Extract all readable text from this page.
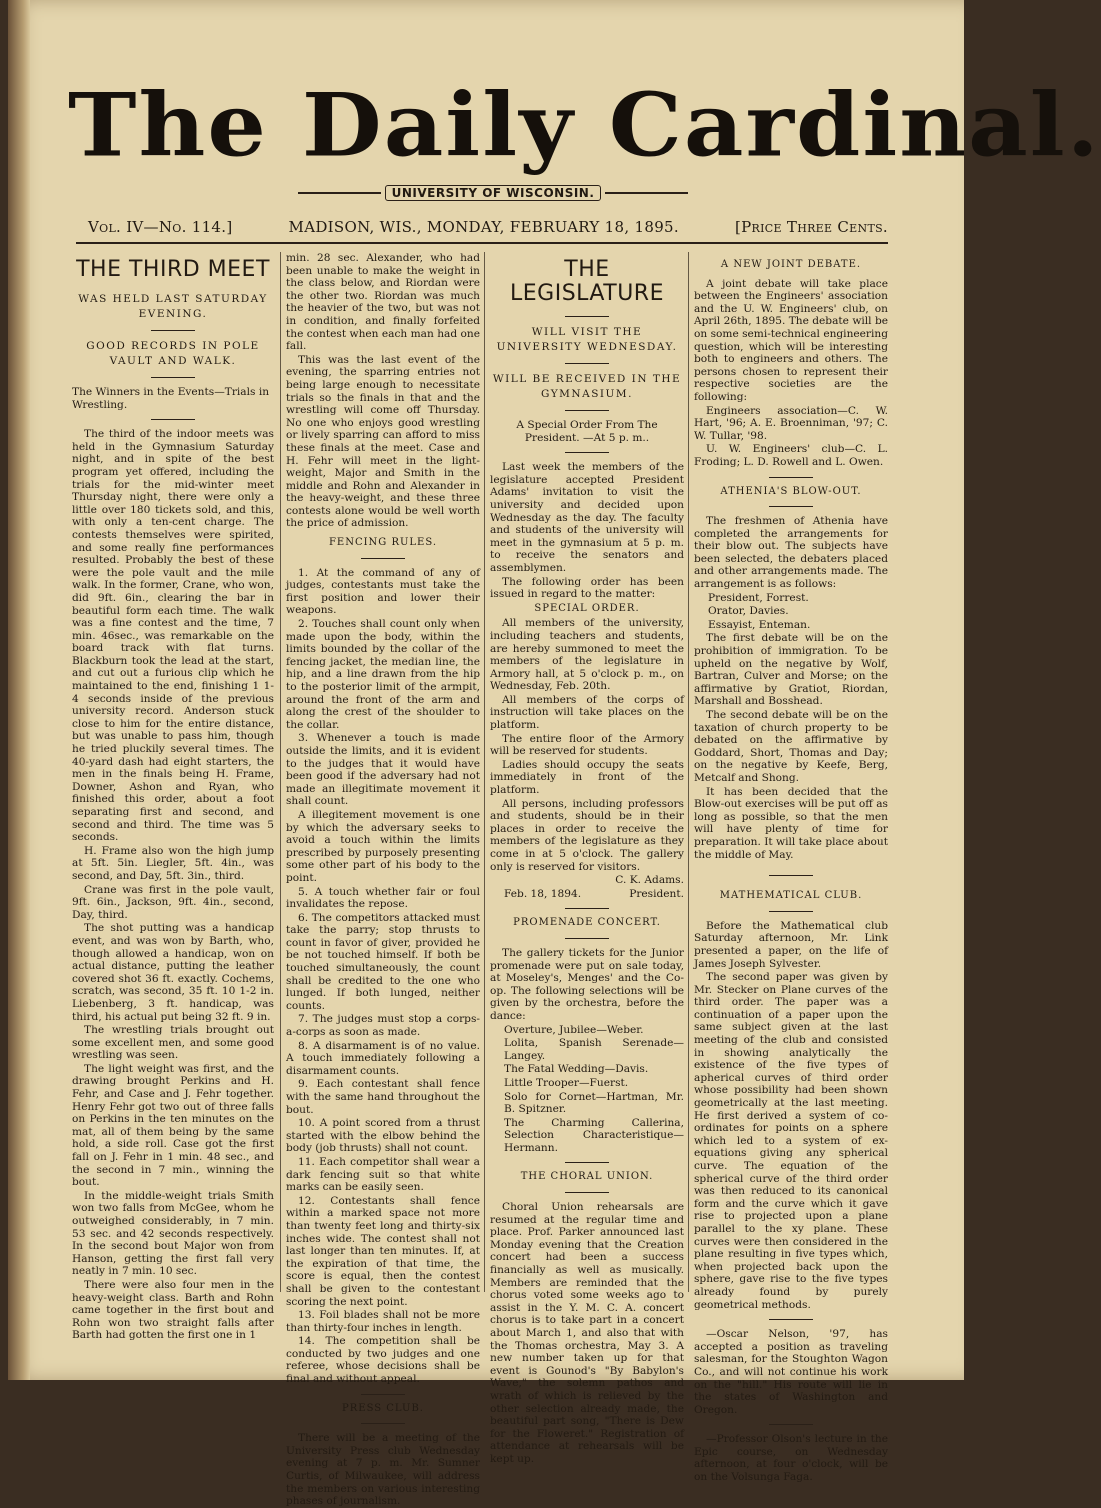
The Daily Cardinal.
UNIVERSITY OF WISCONSIN.
Vol. IV—No. 114.]	MADISON, WIS., MONDAY, FEBRUARY 18, 1895.	[Price Three Cents.
THE THIRD MEET
WAS HELD LAST SATURDAY EVENING.
GOOD RECORDS IN POLE VAULT AND WALK.

The Winners in the Events—Trials in Wrestling.

The third of the indoor meets was held in the Gymnasium Saturday night, and in spite of the best program yet offered, including the trials for the mid-winter meet Thursday night, there were only a little over 180 tickets sold, and this, with only a ten-cent charge. The contests themselves were spirited, and some really fine performances resulted. Probably the best of these were the pole vault and the mile walk. In the former, Crane, who won, did 9ft. 6in., clearing the bar in beautiful form each time. The walk was a fine contest and the time, 7 min. 46sec., was remarkable on the board track with flat turns. Blackburn took the lead at the start, and cut out a furious clip which he maintained to the end, finishing 1 1-4 seconds inside of the previous university record. Anderson stuck close to him for the entire distance, but was unable to pass him, though he tried pluckily several times. The 40-yard dash had eight starters, the men in the finals being H. Frame, Downer, Ashon and Ryan, who finished this order, about a foot separating first and second, and second and third. The time was 5 seconds.

H. Frame also won the high jump at 5ft. 5in. Liegler, 5ft. 4in., was second, and Day, 5ft. 3in., third.

Crane was first in the pole vault, 9ft. 6in., Jackson, 9ft. 4in., second, Day, third.

The shot putting was a handicap event, and was won by Barth, who, though allowed a handicap, won on actual distance, putting the leather covered shot 36 ft. exactly. Cochems, scratch, was second, 35 ft. 10 1-2 in. Liebenberg, 3 ft. handicap, was third, his actual put being 32 ft. 9 in.

The wrestling trials brought out some excellent men, and some good wrestling was seen.

The light weight was first, and the drawing brought Perkins and H. Fehr, and Case and J. Fehr together. Henry Fehr got two out of three falls on Perkins in the ten minutes on the mat, all of them being by the same hold, a side roll. Case got the first fall on J. Fehr in 1 min. 48 sec., and the second in 7 min., winning the bout.

In the middle-weight trials Smith won two falls from McGee, whom he outweighed considerably, in 7 min. 53 sec. and 42 seconds respectively. In the second bout Major won from Hanson, getting the first fall very neatly in 7 min. 10 sec.

There were also four men in the heavy-weight class. Barth and Rohn came together in the first bout and Rohn won two straight falls after Barth had gotten the first one in 1

min. 28 sec. Alexander, who had been unable to make the weight in the class below, and Riordan were the other two. Riordan was much the heavier of the two, but was not in condition, and finally forfeited the contest when each man had one fall.

This was the last event of the evening, the sparring entries not being large enough to necessitate trials so the finals in that and the wrestling will come off Thursday. No one who enjoys good wrestling or lively sparring can afford to miss these finals at the meet. Case and H. Fehr will meet in the light-weight, Major and Smith in the middle and Rohn and Alexander in the heavy-weight, and these three contests alone would be well worth the price of admission.

FENCING RULES.

1. At the command of any of judges, contestants must take the first position and lower their weapons.

2. Touches shall count only when made upon the body, within the limits bounded by the collar of the fencing jacket, the median line, the hip, and a line drawn from the hip to the posterior limit of the armpit, around the front of the arm and along the crest of the shoulder to the collar.

3. Whenever a touch is made outside the limits, and it is evident to the judges that it would have been good if the adversary had not made an illegitimate movement it shall count.

A illegitement movement is one by which the adversary seeks to avoid a touch within the limits prescribed by purposely presenting some other part of his body to the point.

5. A touch whether fair or foul invalidates the repose.

6. The competitors attacked must take the parry; stop thrusts to count in favor of giver, provided he be not touched himself. If both be touched simultaneously, the count shall be credited to the one who lunged. If both lunged, neither counts.

7. The judges must stop a corps-a-corps as soon as made.

8. A disarmament is of no value. A touch immediately following a disarmament counts.

9. Each contestant shall fence with the same hand throughout the bout.

10. A point scored from a thrust started with the elbow behind the body (job thrusts) shall not count.

11. Each competitor shall wear a dark fencing suit so that white marks can be easily seen.

12. Contestants shall fence within a marked space not more than twenty feet long and thirty-six inches wide. The contest shall not last longer than ten minutes. If, at the expiration of that time, the score is equal, then the contest shall be given to the contestant scoring the next point.

13. Foil blades shall not be more than thirty-four inches in length.

14. The competition shall be conducted by two judges and one referee, whose decisions shall be final and without appeal.

PRESS CLUB.

There will be a meeting of the University Press club Wednesday evening at 7 p. m. Mr. Sumner Curtis, of Milwaukee, will address the members on various interesting phases of journalism.

THE LEGISLATURE
WILL VISIT THE UNIVERSITY WEDNESDAY.
WILL BE RECEIVED IN THE GYMNASIUM.

A Special Order From The President. —At 5 p. m..

Last week the members of the legislature accepted President Adams' invitation to visit the university and decided upon Wednesday as the day. The faculty and students of the university will meet in the gymnasium at 5 p. m. to receive the senators and assemblymen.

The following order has been issued in regard to the matter:

SPECIAL ORDER.

All members of the university, including teachers and students, are hereby summoned to meet the members of the legislature in Armory hall, at 5 o'clock p. m., on Wednesday, Feb. 20th.

All members of the corps of instruction will take places on the platform.

The entire floor of the Armory will be reserved for students.

Ladies should occupy the seats immediately in front of the platform.

All persons, including professors and students, should be in their places in order to receive the members of the legislature as they come in at 5 o'clock. The gallery only is reserved for visitors.

C. K. Adams.

Feb. 18, 1894.	President.
PROMENADE CONCERT.

The gallery tickets for the Junior promenade were put on sale today, at Moseley's, Menges' and the Co-op. The following selections will be given by the orchestra, before the dance:

Overture, Jubilee—Weber.

Lolita, Spanish Serenade—Langey.

The Fatal Wedding—Davis.

Little Trooper—Fuerst.

Solo for Cornet—Hartman, Mr. B. Spitzner.

The Charming Callerina, Selection Characteristique—Hermann.

THE CHORAL UNION.

Choral Union rehearsals are resumed at the regular time and place. Prof. Parker announced last Monday evening that the Creation concert had been a success financially as well as musically. Members are reminded that the chorus voted some weeks ago to assist in the Y. M. C. A. concert chorus is to take part in a concert about March 1, and also that with the Thomas orchestra, May 3. A new number taken up for that event is Gounod's "By Babylon's Wave," the solemn pathos and wrath of which is relieved by the other selection already made, the beautiful part song, "There is Dew for the Floweret." Registration of attendance at rehearsals will be kept up.

A NEW JOINT DEBATE.

A joint debate will take place between the Engineers' association and the U. W. Engineers' club, on April 26th, 1895. The debate will be on some semi-technical engineering question, which will be interesting both to engineers and others. The persons chosen to represent their respective societies are the following:

Engineers association—C. W. Hart, '96; A. E. Broenniman, '97; C. W. Tullar, '98.

U. W. Engineers' club—C. L. Froding; L. D. Rowell and L. Owen.

ATHENIA'S BLOW-OUT.

The freshmen of Athenia have completed the arrangements for their blow out. The subjects have been selected, the debaters placed and other arrangements made. The arrangement is as follows:

President, Forrest.

Orator, Davies.

Essayist, Enteman.

The first debate will be on the prohibition of immigration. To be upheld on the negative by Wolf, Bartran, Culver and Morse; on the affirmative by Gratiot, Riordan, Marshall and Bosshead.

The second debate will be on the taxation of church property to be debated on the affirmative by Goddard, Short, Thomas and Day; on the negative by Keefe, Berg, Metcalf and Shong.

It has been decided that the Blow-out exercises will be put off as long as possible, so that the men will have plenty of time for preparation. It will take place about the middle of May.

MATHEMATICAL CLUB.

Before the Mathematical club Saturday afternoon, Mr. Link presented a paper, on the life of James Joseph Sylvester.

The second paper was given by Mr. Stecker on Plane curves of the third order. The paper was a continuation of a paper upon the same subject given at the last meeting of the club and consisted in showing analytically the existence of the five types of apherical curves of third order whose possibility had been shown geometrically at the last meeting. He first derived a system of co-ordinates for points on a sphere which led to a system of ex-equations giving any spherical curve. The equation of the spherical curve of the third order was then reduced to its canonical form and the curve which it gave rise to projected upon a plane parallel to the xy plane. These curves were then considered in the plane resulting in five types which, when projected back upon the sphere, gave rise to the five types already found by purely geometrical methods.

—Oscar Nelson, '97, has accepted a position as traveling salesman, for the Stoughton Wagon Co., and will not continue his work on the "hill." His route will lie in the states of Washington and Oregon.

—Professor Olson's lecture in the Epic course, on Wednesday afternoon, at four o'clock, will be on the Volsunga Faga.
